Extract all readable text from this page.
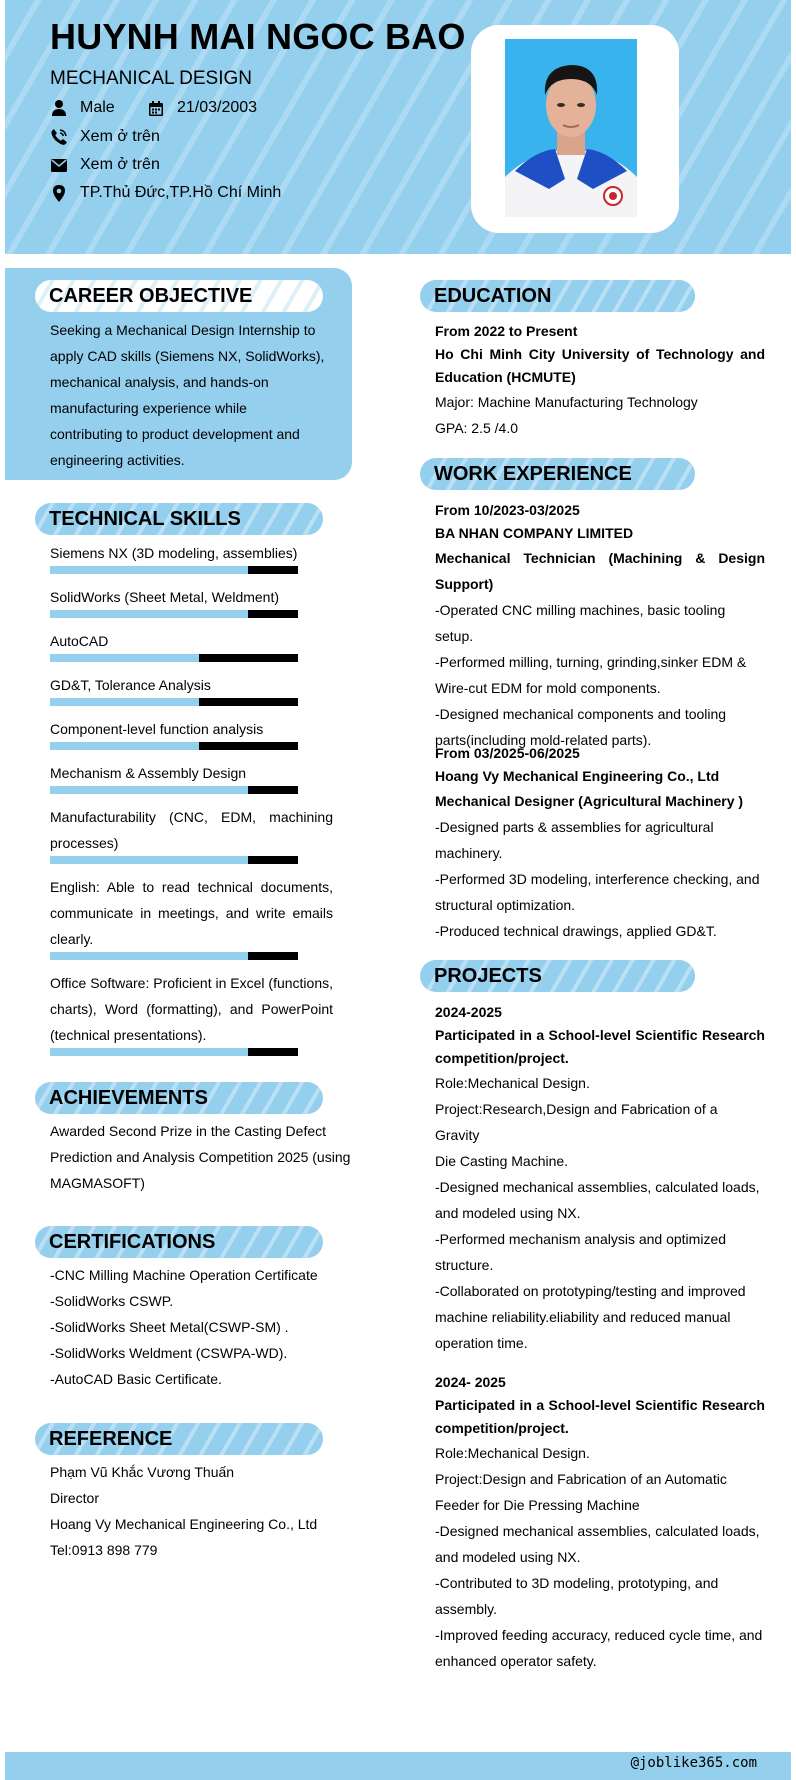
HUYNH MAI NGOC BAO
MECHANICAL DESIGN
Male	21/03/2003
Xem ở trên
Xem ở trên
TP.Thủ Đức,TP.Hồ Chí Minh
CAREER OBJECTIVE
Seeking a Mechanical Design Internship to
apply CAD skills (Siemens NX, SolidWorks),
mechanical analysis, and hands-on
manufacturing experience while
contributing to product development and
engineering activities.
TECHNICAL SKILLS
Siemens NX (3D modeling, assemblies)
SolidWorks (Sheet Metal, Weldment)
AutoCAD
GD&T, Tolerance Analysis
Component-level function analysis
Mechanism & Assembly Design
Manufacturability (CNC, EDM, machining processes)
English: Able to read technical documents, communicate in meetings, and write emails clearly.
Office Software: Proficient in Excel (functions, charts), Word (formatting), and PowerPoint (technical presentations).
ACHIEVEMENTS
Awarded Second Prize in the Casting Defect
Prediction and Analysis Competition 2025 (using
MAGMASOFT)
CERTIFICATIONS
-CNC Milling Machine Operation Certificate
-SolidWorks CSWP.
-SolidWorks Sheet Metal(CSWP-SM) .
-SolidWorks Weldment (CSWPA-WD).
-AutoCAD Basic Certificate.
REFERENCE
Phạm Vũ Khắc Vương Thuấn
Director
Hoang Vy Mechanical Engineering Co., Ltd
Tel:0913 898 779
EDUCATION
From 2022 to Present
Ho Chi Minh City University of Technology and Education (HCMUTE)
Major: Machine Manufacturing Technology
GPA: 2.5 /4.0
WORK EXPERIENCE
From 10/2023-03/2025
BA NHAN COMPANY LIMITED
Mechanical Technician (Machining & Design Support)
-Operated CNC milling machines, basic tooling setup.
-Performed milling, turning, grinding,sinker EDM &
Wire-cut EDM for mold components.
-Designed mechanical components and tooling
parts(including mold-related parts).
From 03/2025-06/2025
Hoang Vy Mechanical Engineering Co., Ltd
Mechanical Designer (Agricultural Machinery )
-Designed parts & assemblies for agricultural
machinery.
-Performed 3D modeling, interference checking, and
structural optimization.
-Produced technical drawings, applied GD&T.
PROJECTS
2024-2025
Participated in a School-level Scientific Research competition/project.
Role:Mechanical Design.
Project:Research,Design and Fabrication of a Gravity
Die Casting Machine.
-Designed mechanical assemblies, calculated loads,
and modeled using NX.
-Performed mechanism analysis and optimized
structure.
-Collaborated on prototyping/testing and improved
machine reliability.eliability and reduced manual
operation time.
2024- 2025
Participated in a School-level Scientific Research competition/project.
Role:Mechanical Design.
Project:Design and Fabrication of an Automatic
Feeder for Die Pressing Machine
-Designed mechanical assemblies, calculated loads,
and modeled using NX.
-Contributed to 3D modeling, prototyping, and
assembly.
-Improved feeding accuracy, reduced cycle time, and
enhanced operator safety.
@joblike365.com
